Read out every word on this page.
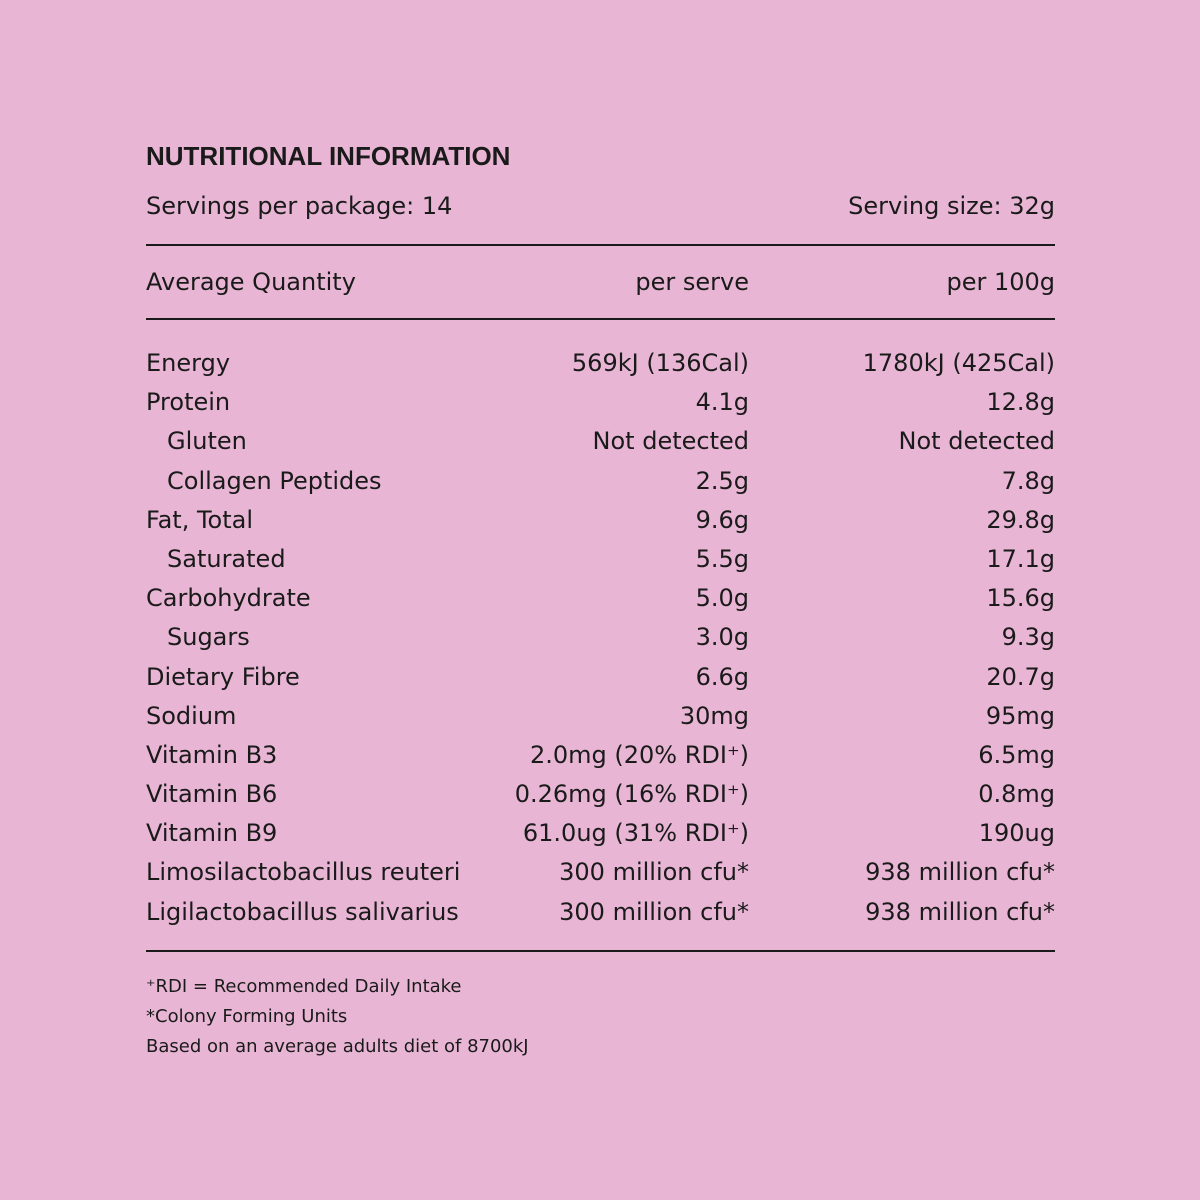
NUTRITIONAL INFORMATION
Servings per package: 14	Serving size: 32g
Average Quantity	per serve	per 100g
Energy	569kJ (136Cal)	1780kJ (425Cal)
Protein	4.1g	12.8g
Gluten	Not detected	Not detected
Collagen Peptides	2.5g	7.8g
Fat, Total	9.6g	29.8g
Saturated	5.5g	17.1g
Carbohydrate	5.0g	15.6g
Sugars	3.0g	9.3g
Dietary Fibre	6.6g	20.7g
Sodium	30mg	95mg
Vitamin B3	2.0mg (20% RDI⁺)	6.5mg
Vitamin B6	0.26mg (16% RDI⁺)	0.8mg
Vitamin B9	61.0ug (31% RDI⁺)	190ug
Limosilactobacillus reuteri	300 million cfu*	938 million cfu*
Ligilactobacillus salivarius	300 million cfu*	938 million cfu*
⁺RDI = Recommended Daily Intake
*Colony Forming Units
Based on an average adults diet of 8700kJ
